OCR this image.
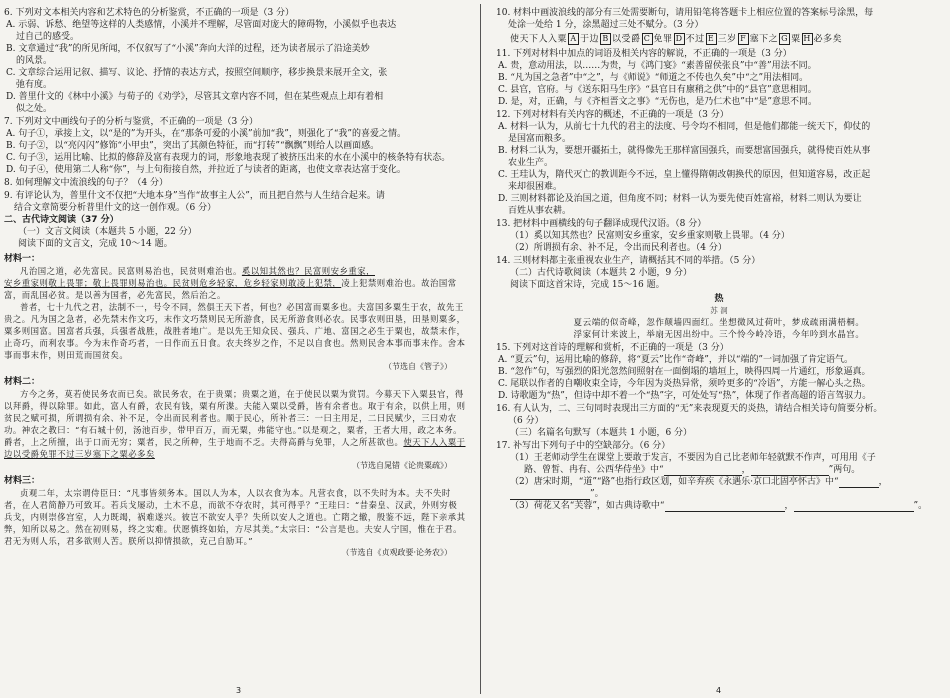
6. 下列对文本相关内容和艺术特色的分析鉴赏，不正确的一项是（3 分）

A. 示弱、诉愁、绝望等这样的人类感情，小溪并不理解，尽管面对庞大的障碍物，小溪似乎也表达
过自己的感受。

B. 文章通过“我”的所见所闻，不仅叙写了“小溪”奔向大洋的过程，还为读者展示了沿途美妙
的风景。

C. 文章综合运用记叙、描写、议论、抒情的表达方式，按照空间顺序，移步换景来展开全文，张
弛有度。

D. 普里什文的《林中小溪》与荀子的《劝学》，尽管其文章内容不同，但在某些观点上却有着相
似之处。

7. 下列对文中画线句子的分析与鉴赏，不正确的一项是（3 分）

A. 句子①，承接上文，以“是的”为开头，在“那条可爱的小溪”前加“我”，则强化了“我”的喜爱之情。

B. 句子②，以“亮闪闪”修饰“小甲虫”，突出了其颜色特征，而“打转”“飘飘”则给人以画面感。

C. 句子③，运用比喻、比拟的修辞及富有表现力的词，形象地表现了被挤压出来的水在小溪中的核条特有状态。

D. 句子④，使用第二人称“你”，与上句衔接自然，并拉近了与读者的距离，也使文章表达富于变化。

8. 如何理解文中流浪线的句子？（4 分）

9. 有评论认为，普里什文不仅把“大地本身”当作“故事主人公”，而且把自然与人生结合起来。请
结合文章简要分析普里什文的这一创作观。（6 分）

二、古代诗文阅读（37 分）

（一）文言文阅读（本题共 5 小题，22 分）

阅读下面的文言文，完成 10～14 题。

材料一：

凡治国之道，必先富民。民富则易治也，民贫则难治也。奚以知其然也？民富则安乡重家，

安乡重家则敬上畏罪；敬上畏罪则易治也。民贫则危乡轻家，危乡轻家则敢凌上犯禁，凌上犯禁则难治也。故治国常富，而乱国必贫。是以善为国者，必先富民，然后治之。

普者，七十九代之君，法制不一，号令不同，然俱王天下者，何也？必国富而粟多也。夫富国多粟生于农，故先王贵之。凡为国之急者，必先禁末作文巧，末作文巧禁则民无所游食，民无所游食则必农。民事农则田垦，田垦则粟多，粟多则国富。国富者兵强，兵强者战胜，战胜者地广。是以先王知众民、强兵、广地、富国之必生于粟也，故禁末作，止奇巧，而利农事。今为末作奇巧者，一日作而五日食。农夫终岁之作，不足以自食也。然则民舍本事而事末作。舍本事而事末作，则田荒而国贫矣。

（节选自《管子》）

材料二：

方今之务，莫若使民务农而已矣。欲民务农，在于贵粟；贵粟之道，在于使民以粟为赏罚。今募天下入粟县官，得以拜爵，得以除罪。如此，富人有爵，农民有钱，粟有所渫。夫能入粟以受爵，皆有余者也。取于有余，以供上用，则贫民之赋可损，所谓损有余、补不足，令出而民利者也。顺于民心，所补者三：一曰主用足，二曰民赋少，三曰劝农功。神农之教曰：“有石城十仞，汤池百步，带甲百万，而无粟，弗能守也。”以是观之，粟者，王者大用，政之本务。爵者，上之所擅，出于口而无穷；粟者，民之所种，生于地而不乏。夫得高爵与免罪，人之所甚欲也。使天下人入粟于边以受爵免罪不过三岁塞下之粟必多矣

（节选自晁错《论贵粟疏》）

材料三：

贞观二年，太宗谓侍臣曰：“凡事皆须务本。国以人为本，人以衣食为本。凡营衣食，以不失时为本。夫不失时者，在人君简静乃可致耳。若兵戈屡动，土木不息，而欲不夺农时，其可得乎？”王珪曰：“昔秦皇、汉武，外则穷极兵戈，内则崇侈宫室，人力既竭，祸难遂兴。彼岂不欲安人乎？失所以安人之道也。亡隋之辙，殷鉴不远，陛下亲承其弊，知所以易之。然在初则易，终之实难。伏愿慎终如始，方尽其美。”太宗曰：“公言是也。夫安人宁国，惟在于君。君无为则人乐，君多欲则人苦。朕所以抑情损欲，克己自励耳。”

（节选自《贞观政要·论务农》）

10. 材料中画波浪线的部分有三处需要断句，请用铅笔将答题卡上相应位置的答案标号涂黑，每
处涂一处给 1 分，涂黑超过三处不赋分。（3 分）

使天下人入粟 A 于边 B 以受爵 C 免罪 D 不过 E 三岁 F 塞下之 G 粟 H 必多矣

11. 下列对材料中加点的词语及相关内容的解说，不正确的一项是（3 分）

A. 贵，意动用法，以……为贵，与《鸿门宴》“素善留侯张良”中“善”用法不同。

B. “凡为国之急者”中“之”，与《师说》“师道之不传也久矣”中“之”用法相同。

C. 县官，官府。与《送东阳马生序》“县官日有廪稍之供”中的“县官”意思相同。

D. 是，对，正确，与《齐桓晋文之事》“无伤也，是乃仁术也”中“是”意思不同。

12. 下列对材料有关内容的概述，不正确的一项是（3 分）

A. 材料一认为，从前七十九代的君主的法度、号令均不相同，但是他们都能一统天下，仰仗的
是国富而粮多。

B. 材料二认为，要想开疆拓土，就得像先王那样富国强兵，而要想富国强兵，就得使百姓从事
农业生产。

C. 王珪认为，隋代灭亡的教训距今不远，皇上懂得隋朝改朝换代的原因，但知道容易，改正起
来却很困难。

D. 三则材料都论及治国之道，但角度不同；材料一认为要先使百姓富裕，材料二则认为要让
百姓从事农耕。

13. 把材料中画横线的句子翻译成现代汉语。（8 分）

（1）奚以知其然也？民富则安乡重家，安乡重家则敬上畏罪。（4 分）

（2）所谓损有余、补不足，令出而民利者也。（4 分）

14. 三则材料都主张重视农业生产，请概括其不同的举措。（5 分）

（二）古代诗歌阅读（本题共 2 小题，9 分）

阅读下面这首宋诗，完成 15～16 题。

热

苏 洞

夏云端的似奇峰，忽作颠墙四面红。坐想微风过荷叶，梦成疏雨满梧桐。

浮家何计来波上，举扇无因出纷中。三个怜今岭冷语，今年吟到水晶宫。

15. 下列对这首诗的理解和赏析，不正确的一项是（3 分）

A. “夏云”句，运用比喻的修辞，将“夏云”比作“奇峰”，并以“端的”一词加强了肯定语气。

B. “忽作”句，写强烈的阳光忽然间照射在一面倒塌的墙垣上，映得四周一片通红，形象逼真。

C. 尾联以作者的自嘲收束全诗，今年因为炎热异常，须吟更多的“冷语”，方能一解心头之热。

D. 诗歌题为“热”，但诗中却不着一个“热”字，可处处写“热”，体现了作者高超的语言驾驭力。

16. 有人认为，二、三句同时表现出三方面的“无”来表现夏天的炎热，请结合相关诗句简要分析。
（6 分）

（三）名篇名句默写（本题共 1 小题，6 分）

17. 补写出下列句子中的空缺部分。（6 分）

（1）王老师动学生在课堂上要敢于发言，不要因为自己比老师年轻就默不作声，可用用《子
路、曾皙、冉有、公西华侍坐》中“	，	”两句。

（2）唐宋时期，“道”“路”也指行政区划，如辛弃疾《永遇乐·京口北固亭怀古》中“	，”。

（3）荷花又名“芙蓉”，如古典诗歌中“	，	”。

3	4
